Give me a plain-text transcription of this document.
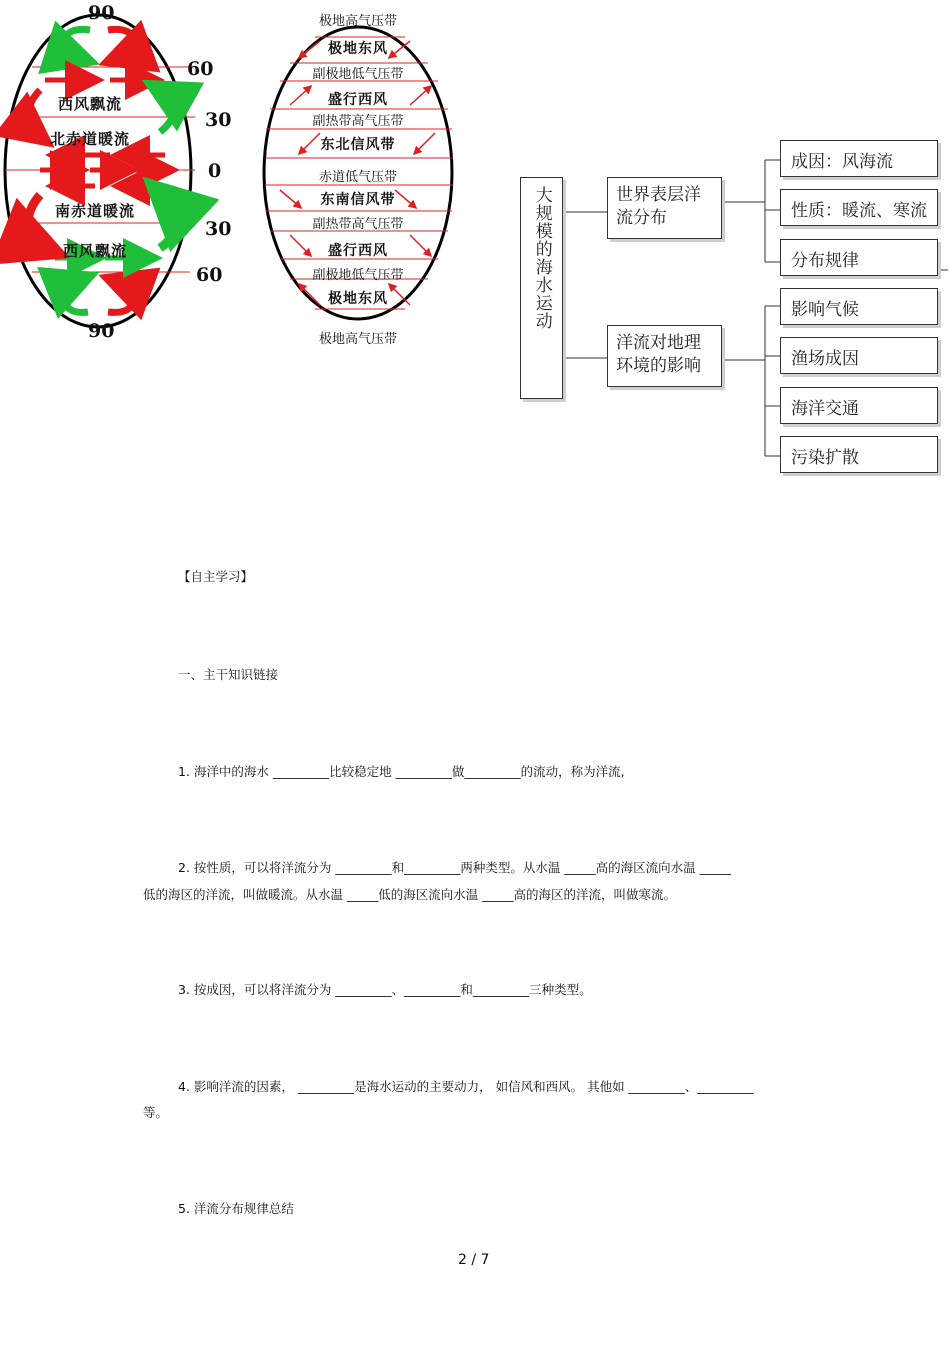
90
60
30
0
30
60
90
西风飘流
北赤道暖流
南赤道暖流
西风飘流
极地高气压带
极地东风
副极地低气压带
盛行西风
副热带高气压带
东北信风带
赤道低气压带
东南信风带
副热带高气压带
盛行西风
副极地低气压带
极地东风
极地高气压带
大规模的海水运动	世界表层洋流分布
洋流对地理环境的影响
成因：风海流
性质：暖流、寒流
分布规律
影响气候
渔场成因
海洋交通
污染扩散
【自主学习】
一、主干知识链接
1. 海洋中的海水 _________比较稳定地 _________做_________的流动，称为洋流,
2. 按性质，可以将洋流分为 _________和_________两种类型。从水温 _____高的海区流向水温 _____
低的海区的洋流，叫做暖流。从水温 _____低的海区流向水温 _____高的海区的洋流，叫做寒流。
3. 按成因，可以将洋流分为 _________、_________和_________三种类型。
4. 影响洋流的因素， _________是海水运动的主要动力， 如信风和西风。 其他如 _________、_________
等。
5. 洋流分布规律总结
2 / 7
